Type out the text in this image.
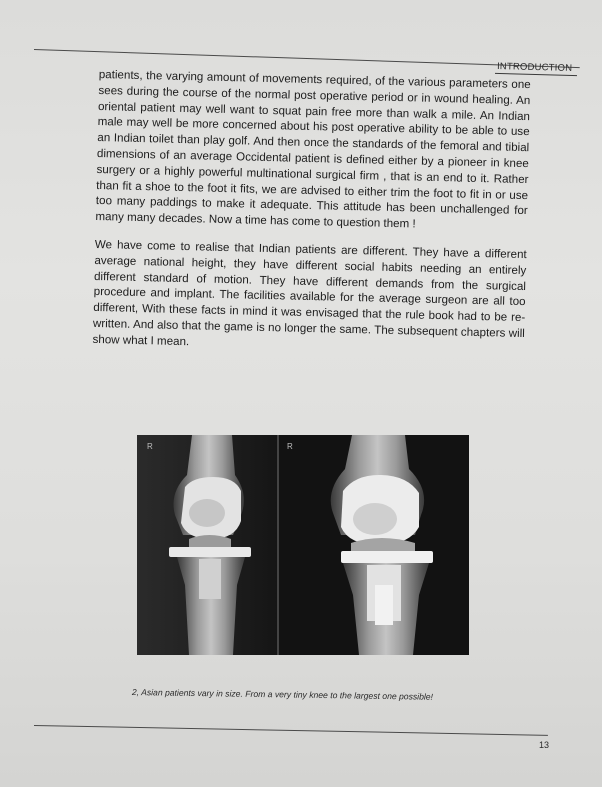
INTRODUCTION

patients, the varying amount of movements required, of the various parameters one sees during the course of the normal post operative period or in wound healing. An oriental patient may well want to squat pain free more than walk a mile. An Indian male may well be more concerned about his post operative ability to be able to use an Indian toilet than play golf. And then once the standards of the femoral and tibial dimensions of an average Occidental patient is defined either by a pioneer in knee surgery or a highly powerful multinational surgical firm , that is an end to it. Rather than fit a shoe to the foot it fits, we are advised to either trim the foot to fit in or use too many paddings to make it adequate. This attitude has been unchallenged for many many decades. Now a time has come to question them !

We have come to realise that Indian patients are different. They have a different average national height, they have different social habits needing an entirely different standard of motion. They have different demands from the surgical procedure and implant. The facilities available for the average surgeon are all too different, With these facts in mind it was envisaged that the rule book had to be re-written. And also that the game is no longer the same. The subsequent chapters will show what I mean.

R	R
2, Asian patients vary in size. From a very tiny knee to the largest one possible!
13
